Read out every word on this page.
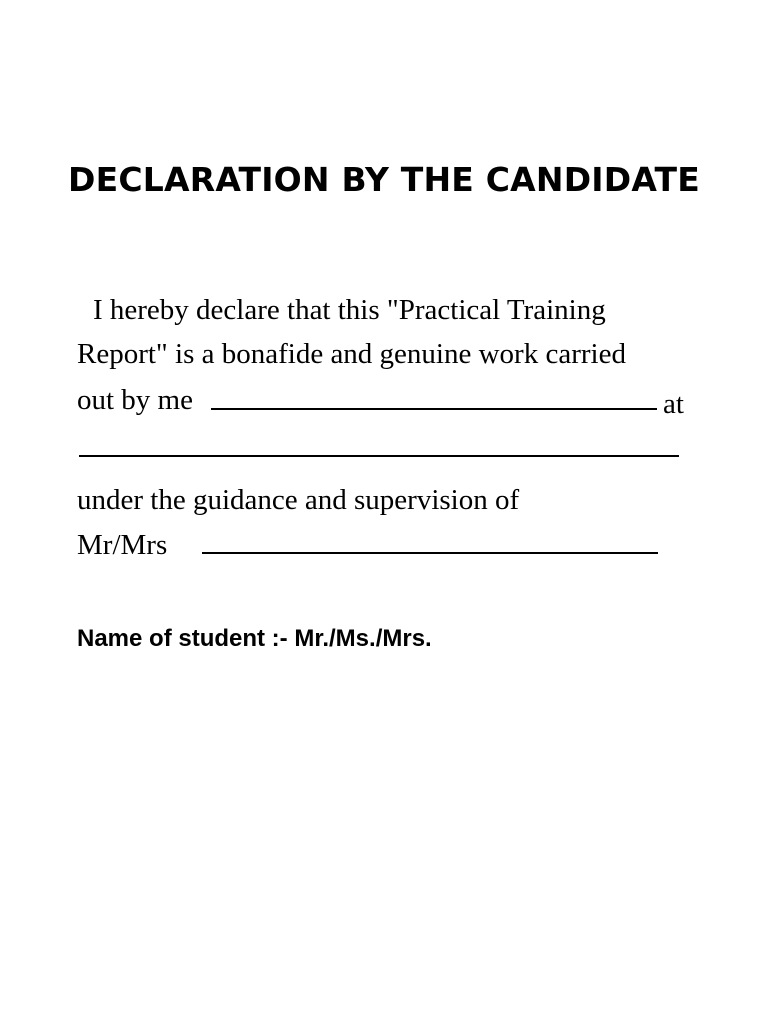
DECLARATION BY THE CANDIDATE
I hereby declare that this "Practical Training
Report" is a bonafide and genuine work carried
out by me	at
under the guidance and supervision of
Mr/Mrs
Name of student :- Mr./Ms./Mrs.
